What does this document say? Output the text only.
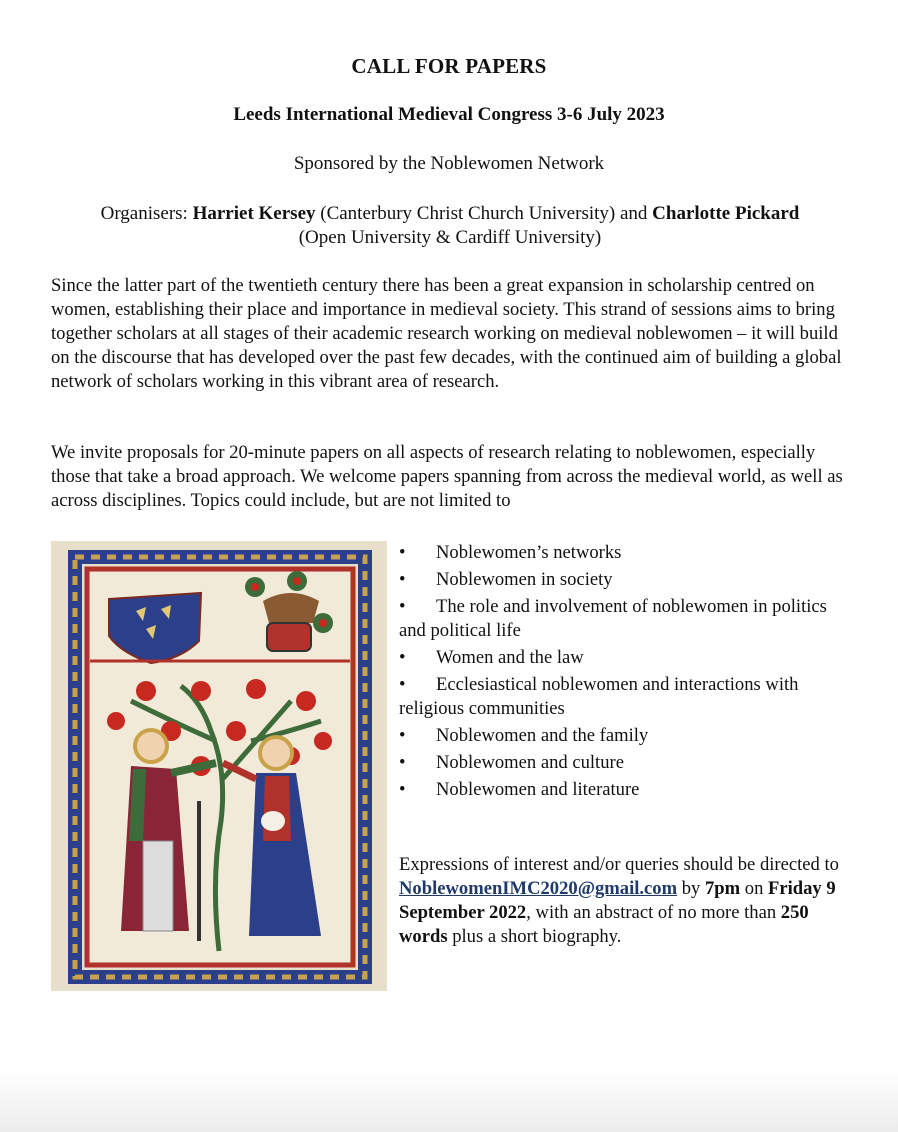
CALL FOR PAPERS
Leeds International Medieval Congress 3-6 July 2023
Sponsored by the Noblewomen Network
Organisers: Harriet Kersey (Canterbury Christ Church University) and Charlotte Pickard
(Open University & Cardiff University)
Since the latter part of the twentieth century there has been a great expansion in scholarship centred on women, establishing their place and importance in medieval society. This strand of sessions aims to bring together scholars at all stages of their academic research working on medieval noblewomen – it will build on the discourse that has developed over the past few decades, with the continued aim of building a global network of scholars working in this vibrant area of research.
We invite proposals for 20-minute papers on all aspects of research relating to noblewomen, especially those that take a broad approach. We welcome papers spanning from across the medieval world, as well as across disciplines. Topics could include, but are not limited to
• Noblewomen’s networks
• Noblewomen in society
• The role and involvement of noblewomen in politics and political life
• Women and the law
• Ecclesiastical noblewomen and interactions with religious communities
• Noblewomen and the family
• Noblewomen and culture
• Noblewomen and literature
Expressions of interest and/or queries should be directed to NoblewomenIMC2020@gmail.com by 7pm on Friday 9 September 2022, with an abstract of no more than 250 words plus a short biography.
